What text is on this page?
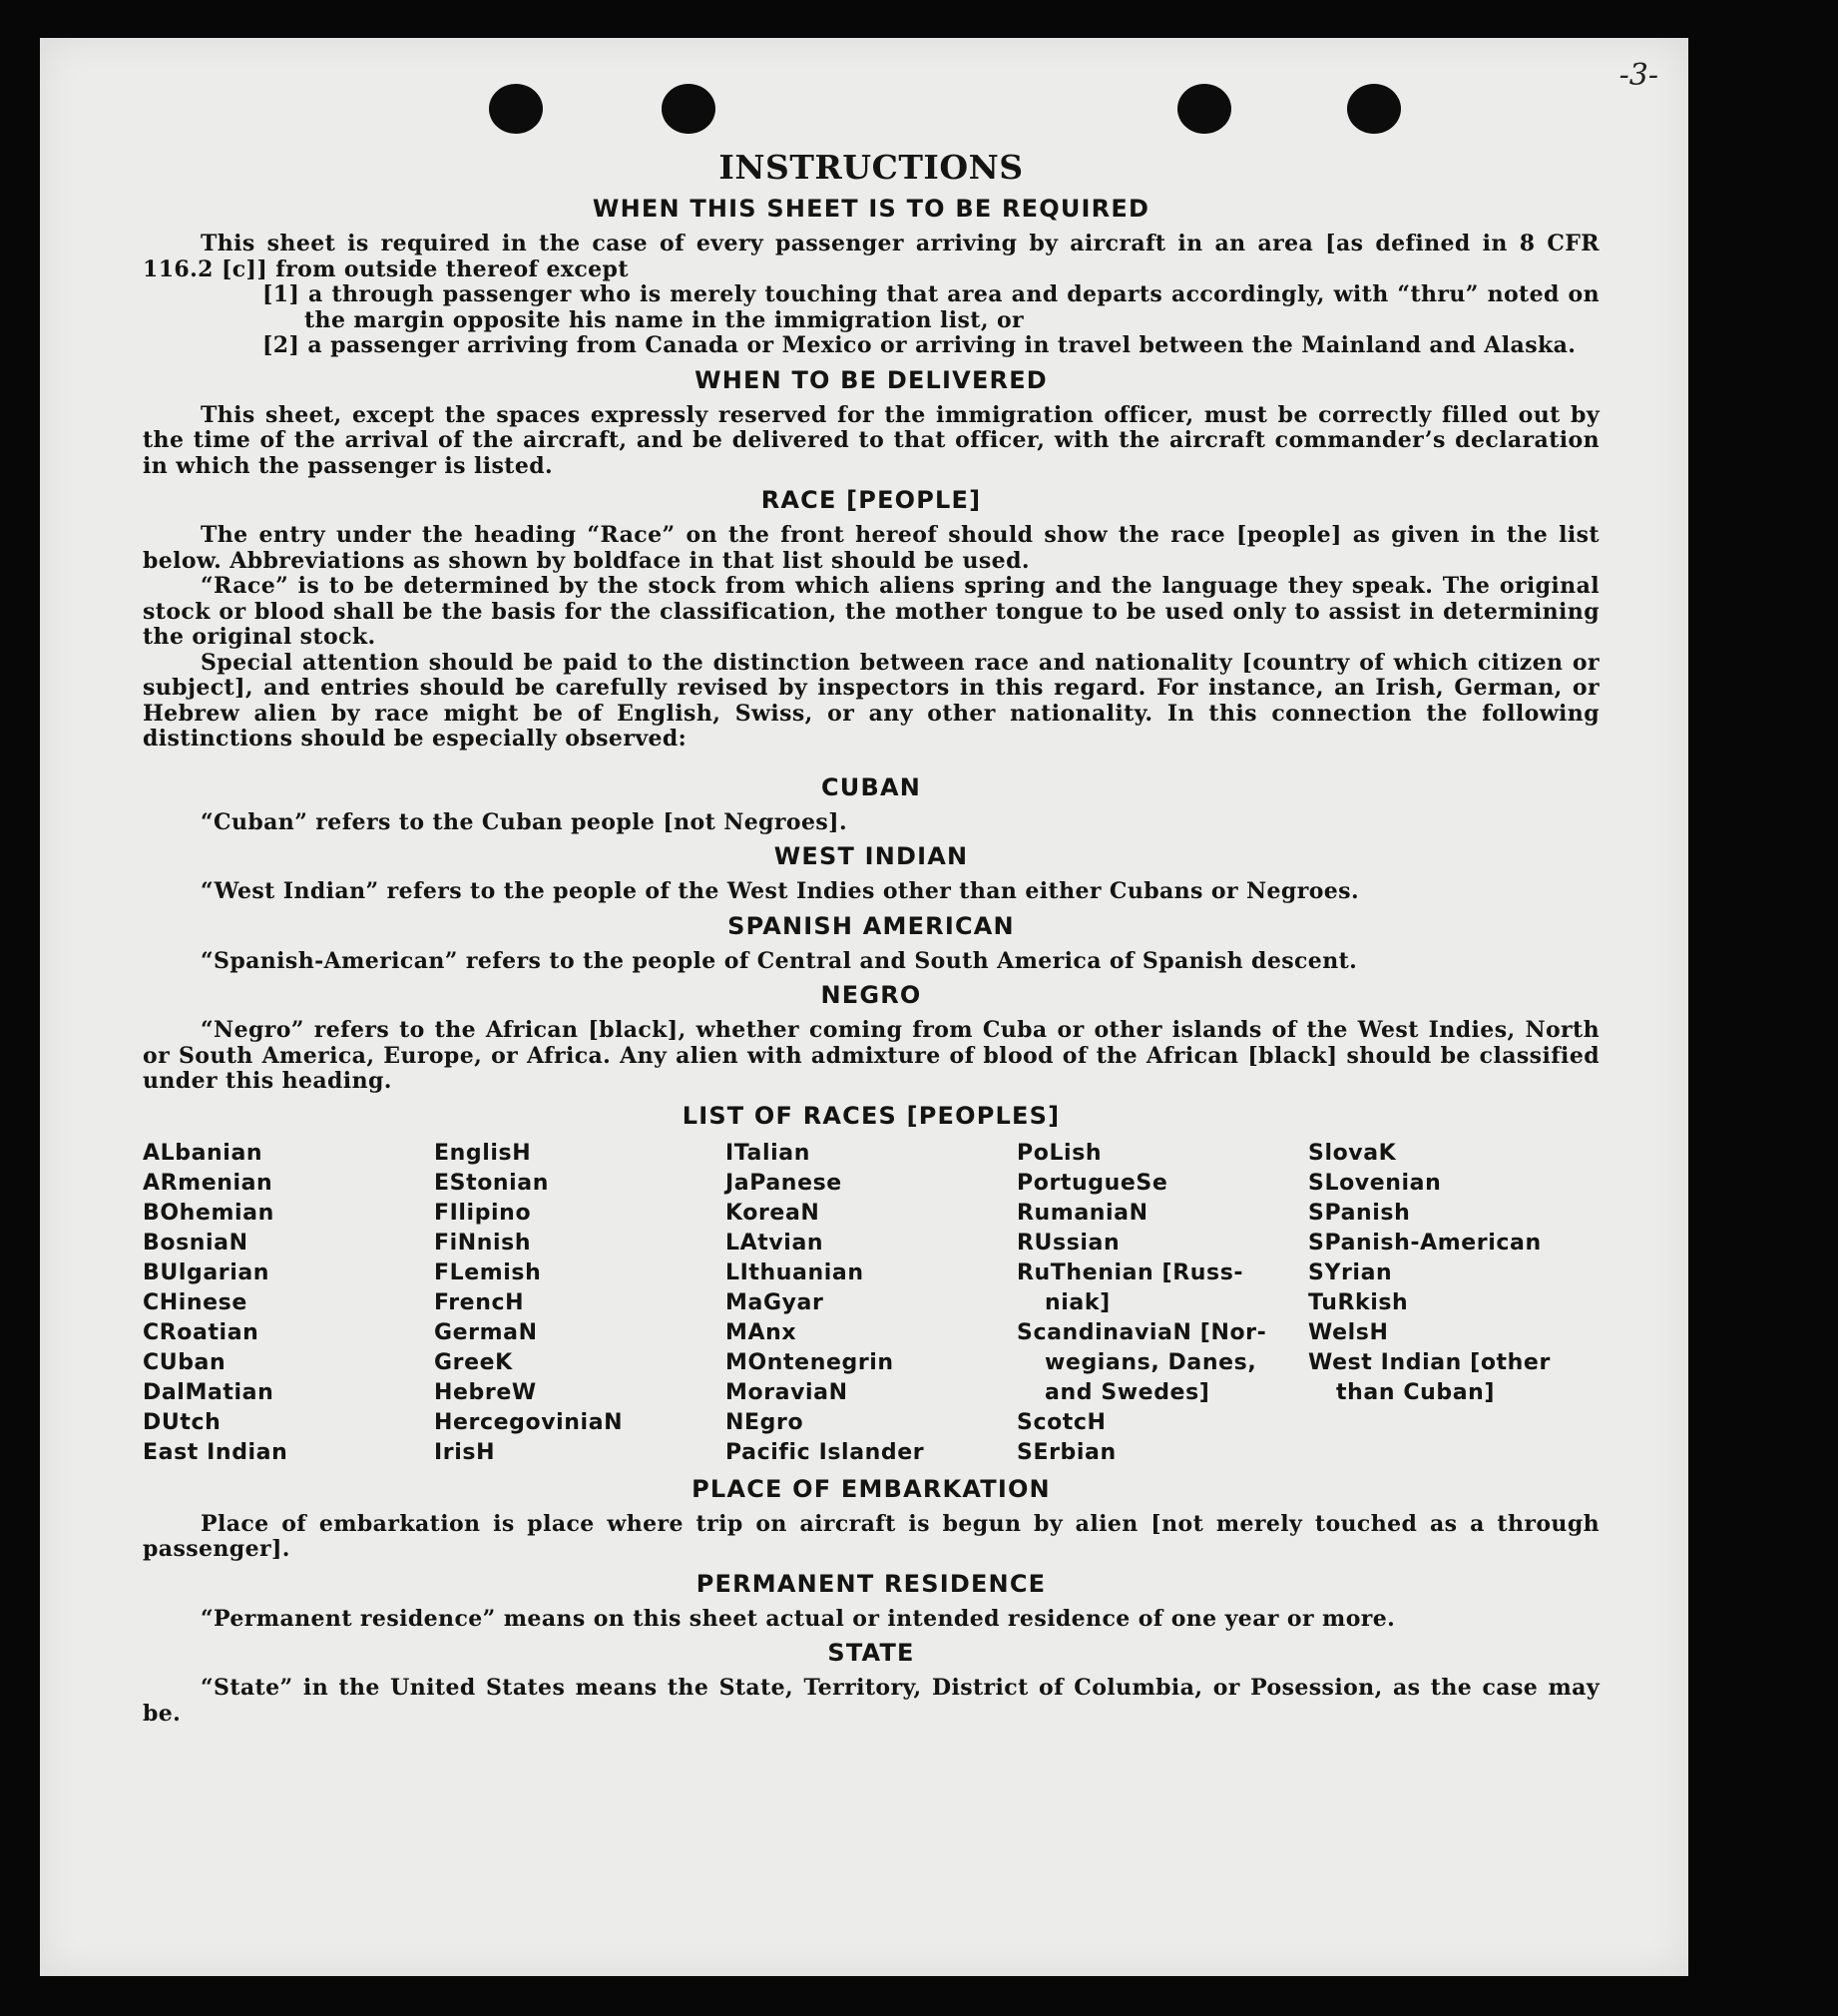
-3-
INSTRUCTIONS
WHEN THIS SHEET IS TO BE REQUIRED

This sheet is required in the case of every passenger arriving by aircraft in an area [as defined in 8 CFR 116.2 [c]] from outside thereof except

[1] a through passenger who is merely touching that area and departs accordingly, with “thru” noted on the margin opposite his name in the immigration list, or

[2] a passenger arriving from Canada or Mexico or arriving in travel between the Mainland and Alaska.

WHEN TO BE DELIVERED

This sheet, except the spaces expressly reserved for the immigration officer, must be correctly filled out by the time of the arrival of the aircraft, and be delivered to that officer, with the aircraft commander’s declaration in which the passenger is listed.

RACE [PEOPLE]

The entry under the heading “Race” on the front hereof should show the race [people] as given in the list below. Abbreviations as shown by boldface in that list should be used.

“Race” is to be determined by the stock from which aliens spring and the language they speak. The original stock or blood shall be the basis for the classification, the mother tongue to be used only to assist in determining the original stock.

Special attention should be paid to the distinction between race and nationality [country of which citizen or subject], and entries should be carefully revised by inspectors in this regard. For instance, an Irish, German, or Hebrew alien by race might be of English, Swiss, or any other nationality. In this connection the following distinctions should be especially observed:

CUBAN

“Cuban” refers to the Cuban people [not Negroes].

WEST INDIAN

“West Indian” refers to the people of the West Indies other than either Cubans or Negroes.

SPANISH AMERICAN

“Spanish-American” refers to the people of Central and South America of Spanish descent.

NEGRO

“Negro” refers to the African [black], whether coming from Cuba or other islands of the West Indies, North or South America, Europe, or Africa. Any alien with admixture of blood of the African [black] should be classified under this heading.

LIST OF RACES [PEOPLES]
ALbanian
ARmenian
BOhemian
BosniaN
BUlgarian
CHinese
CRoatian
CUban
DalMatian
DUtch
East Indian
EnglisH
EStonian
FIlipino
FiNnish
FLemish
FrencH
GermaN
GreeK
HebreW
HercegoviniaN
IrisH
ITalian
JaPanese
KoreaN
LAtvian
LIthuanian
MaGyar
MAnx
MOntenegrin
MoraviaN
NEgro
Pacific Islander
PoLish
PortugueSe
RumaniaN
RUssian
RuThenian [Russ-
niak]
ScandinaviaN [Nor-
wegians, Danes,
and Swedes]
ScotcH
SErbian
SlovaK
SLovenian
SPanish
SPanish-American
SYrian
TuRkish
WelsH
West Indian [other
than Cuban]
PLACE OF EMBARKATION

Place of embarkation is place where trip on aircraft is begun by alien [not merely touched as a through passenger].

PERMANENT RESIDENCE

“Permanent residence” means on this sheet actual or intended residence of one year or more.

STATE

“State” in the United States means the State, Territory, District of Columbia, or Posession, as the case may be.
